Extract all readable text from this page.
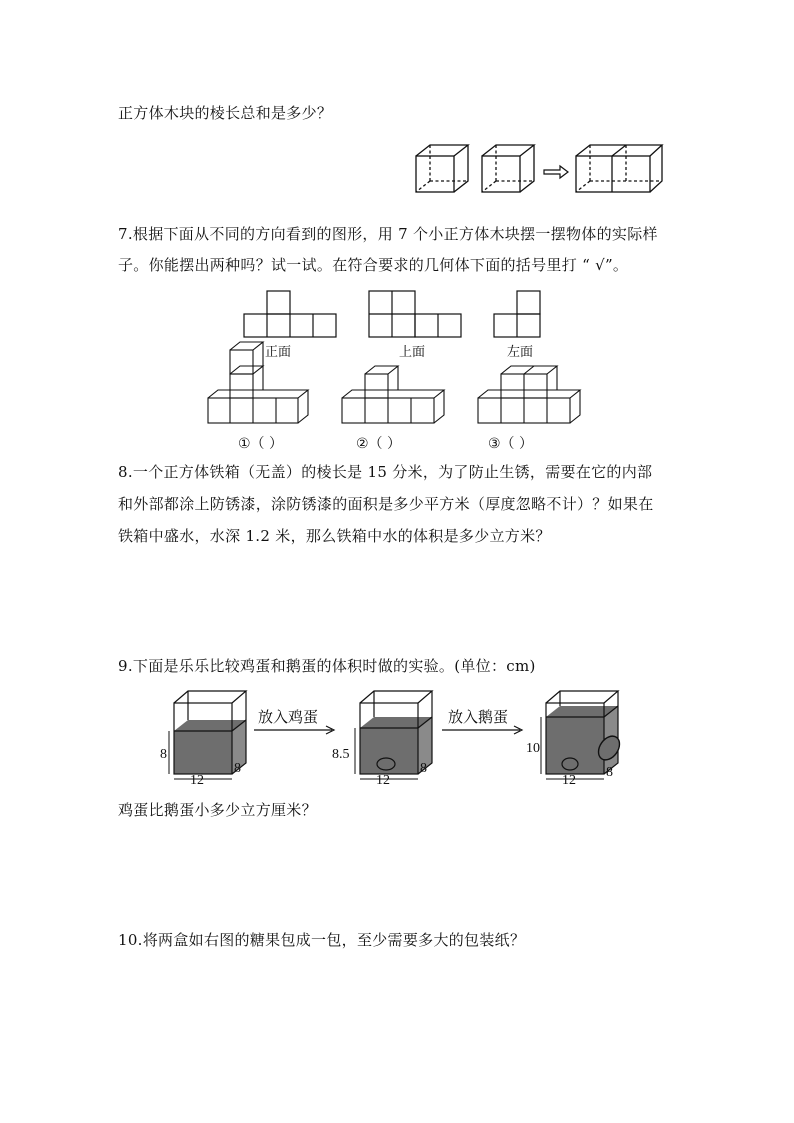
正方体木块的棱长总和是多少？
7.根据下面从不同的方向看到的图形，用 7 个小正方体木块摆一摆物体的实际样
子。你能摆出两种吗？试一试。在符合要求的几何体下面的括号里打 “ √”。
正面	上面	左面
①（ ）	②（ ）	③（ ）
8.一个正方体铁箱（无盖）的棱长是 15 分米，为了防止生锈，需要在它的内部
和外部都涂上防锈漆，涂防锈漆的面积是多少平方米（厚度忽略不计）？如果在
铁箱中盛水，水深 1.2 米，那么铁箱中水的体积是多少立方米？
9.下面是乐乐比较鸡蛋和鹅蛋的体积时做的实验。(单位：cm)
8
12
8
放入鸡蛋
8.5
12
8
放入鹅蛋
10
12
8
鸡蛋比鹅蛋小多少立方厘米？
10.将两盒如右图的糖果包成一包，至少需要多大的包装纸？
